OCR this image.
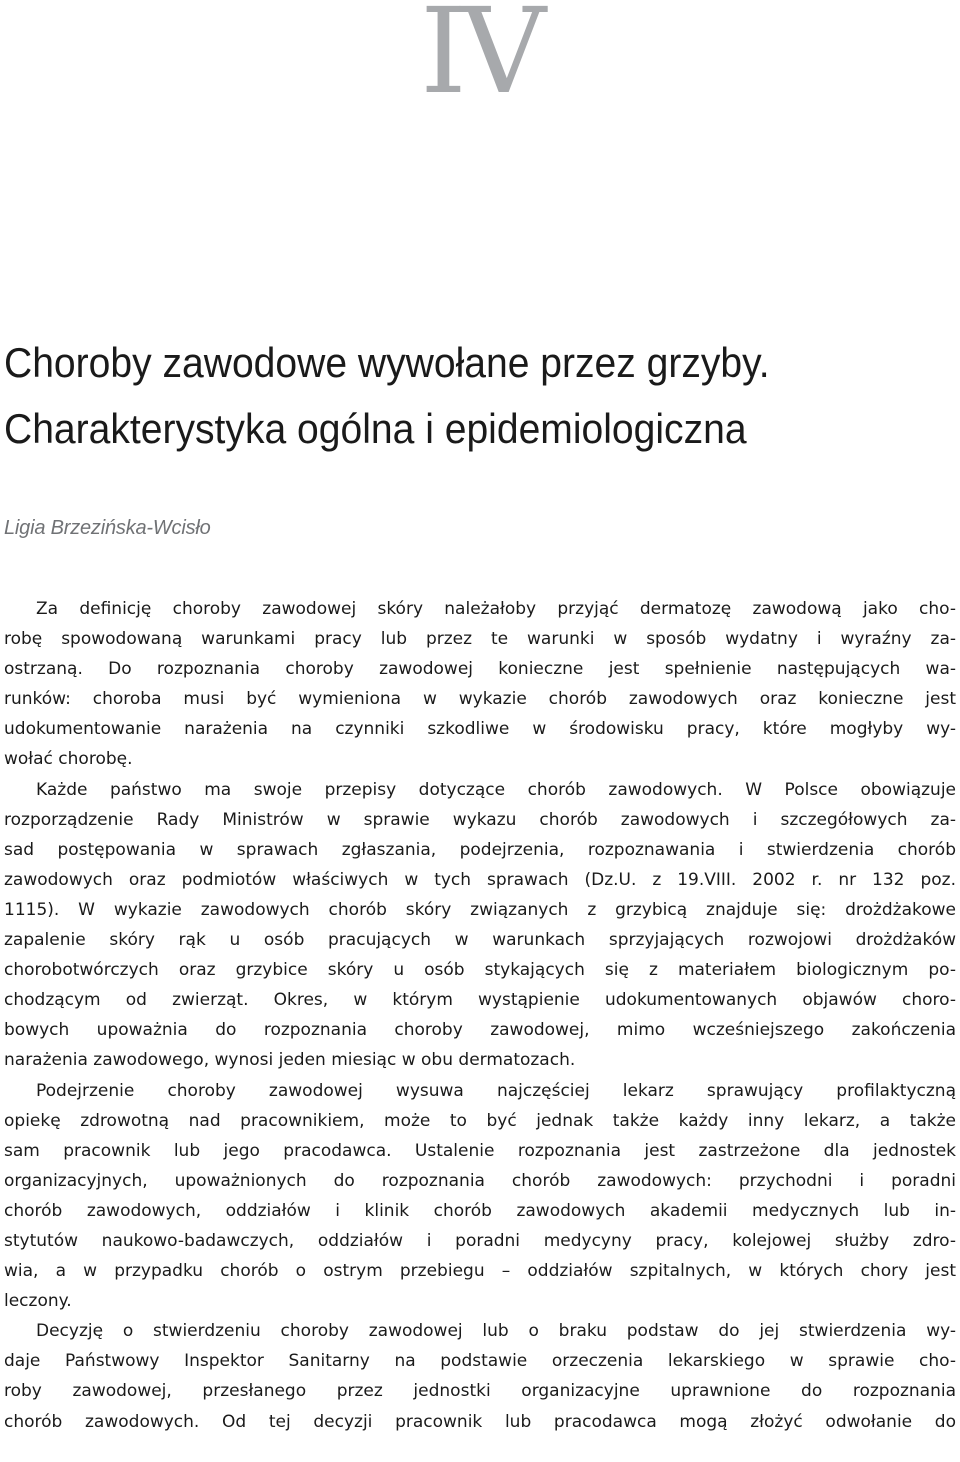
IV
Choroby zawodowe wywołane przez grzyby.
Charakterystyka ogólna i epidemiologiczna
Ligia Brzezińska-Wcisło
Za definicję choroby zawodowej skóry należałoby przyjąć dermatozę zawodową jako cho-
robę spowodowaną warunkami pracy lub przez te warunki w sposób wydatny i wyraźny za-
ostrzaną. Do rozpoznania choroby zawodowej konieczne jest spełnienie następujących wa-
runków: choroba musi być wymieniona w wykazie chorób zawodowych oraz konieczne jest
udokumentowanie narażenia na czynniki szkodliwe w środowisku pracy, które mogłyby wy-
wołać chorobę.
Każde państwo ma swoje przepisy dotyczące chorób zawodowych. W Polsce obowiązuje
rozporządzenie Rady Ministrów w sprawie wykazu chorób zawodowych i szczegółowych za-
sad postępowania w sprawach zgłaszania, podejrzenia, rozpoznawania i stwierdzenia chorób
zawodowych oraz podmiotów właściwych w tych sprawach (Dz.U. z 19.VIII. 2002 r. nr 132 poz.
1115). W wykazie zawodowych chorób skóry związanych z grzybicą znajduje się: drożdżakowe
zapalenie skóry rąk u osób pracujących w warunkach sprzyjających rozwojowi drożdżaków
chorobotwórczych oraz grzybice skóry u osób stykających się z materiałem biologicznym po-
chodzącym od zwierząt. Okres, w którym wystąpienie udokumentowanych objawów choro-
bowych upoważnia do rozpoznania choroby zawodowej, mimo wcześniejszego zakończenia
narażenia zawodowego, wynosi jeden miesiąc w obu dermatozach.
Podejrzenie choroby zawodowej wysuwa najczęściej lekarz sprawujący profilaktyczną
opiekę zdrowotną nad pracownikiem, może to być jednak także każdy inny lekarz, a także
sam pracownik lub jego pracodawca. Ustalenie rozpoznania jest zastrzeżone dla jednostek
organizacyjnych, upoważnionych do rozpoznania chorób zawodowych: przychodni i poradni
chorób zawodowych, oddziałów i klinik chorób zawodowych akademii medycznych lub in-
stytutów naukowo-badawczych, oddziałów i poradni medycyny pracy, kolejowej służby zdro-
wia, a w przypadku chorób o ostrym przebiegu – oddziałów szpitalnych, w których chory jest
leczony.
Decyzję o stwierdzeniu choroby zawodowej lub o braku podstaw do jej stwierdzenia wy-
daje Państwowy Inspektor Sanitarny na podstawie orzeczenia lekarskiego w sprawie cho-
roby zawodowej, przesłanego przez jednostki organizacyjne uprawnione do rozpoznania
chorób zawodowych. Od tej decyzji pracownik lub pracodawca mogą złożyć odwołanie do
